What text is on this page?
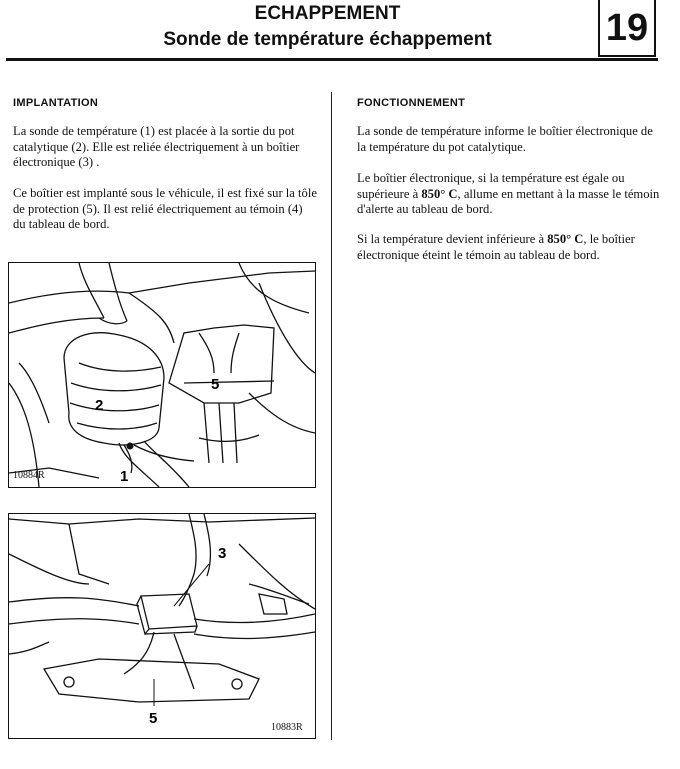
ECHAPPEMENT
Sonde de température échappement	19
IMPLANTATION
La sonde de température (1) est placée à la sortie du pot catalytique (2). Elle est reliée électriquement à un boîtier électronique (3) .
Ce boîtier est implanté sous le véhicule, il est fixé sur la tôle de protection (5). Il est relié électriquement au témoin (4) du tableau de bord.
FONCTIONNEMENT
La sonde de température informe le boîtier électronique de la température du pot catalytique.
Le boîtier électronique, si la température est égale ou supérieure à 850° C, allume en mettant à la masse le témoin d'alerte au tableau de bord.
Si la température devient inférieure à 850° C, le boîtier électronique éteint le témoin au tableau de bord.
1
2
5
10884R
3
5
10883R
